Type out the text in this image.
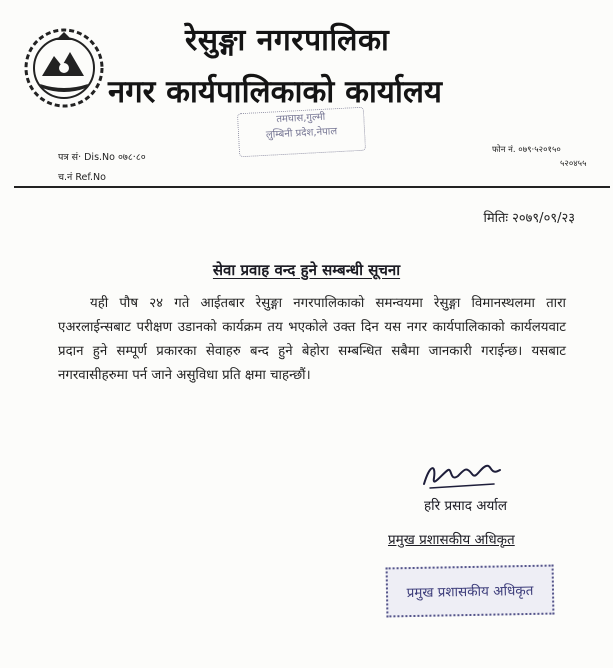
रेसुङ्गा नगरपालिका
नगर कार्यपालिकाको कार्यालय
तमघास,गुल्मी
लुम्बिनी प्रदेश,नेपाल
पत्र सं· Dis.No ०७८·८०
च.नं Ref.No
फोन नं. ०७९·५२०१५०
५२०४५५
मितिः २०७९/०९/२३
सेवा प्रवाह वन्द हुने सम्बन्धी सूचना

यही पौष २४ गते आईतबार रेसुङ्गा नगरपालिकाको समन्वयमा रेसुङ्गा विमानस्थलमा तारा एअरलाईन्सबाट परीक्षण उडानको कार्यक्रम तय भएकोले उक्त दिन यस नगर कार्यपालिकाको कार्यलयवाट प्रदान हुने सम्पूर्ण प्रकारका सेवाहरु बन्द हुने बेहोरा सम्बन्धित सबैमा जानकारी गराईन्छ। यसबाट नगरवासीहरुमा पर्न जाने असुविधा प्रति क्षमा चाहन्छौं।

हरि प्रसाद अर्याल
प्रमुख प्रशासकीय अधिकृत
प्रमुख प्रशासकीय अधिकृत
